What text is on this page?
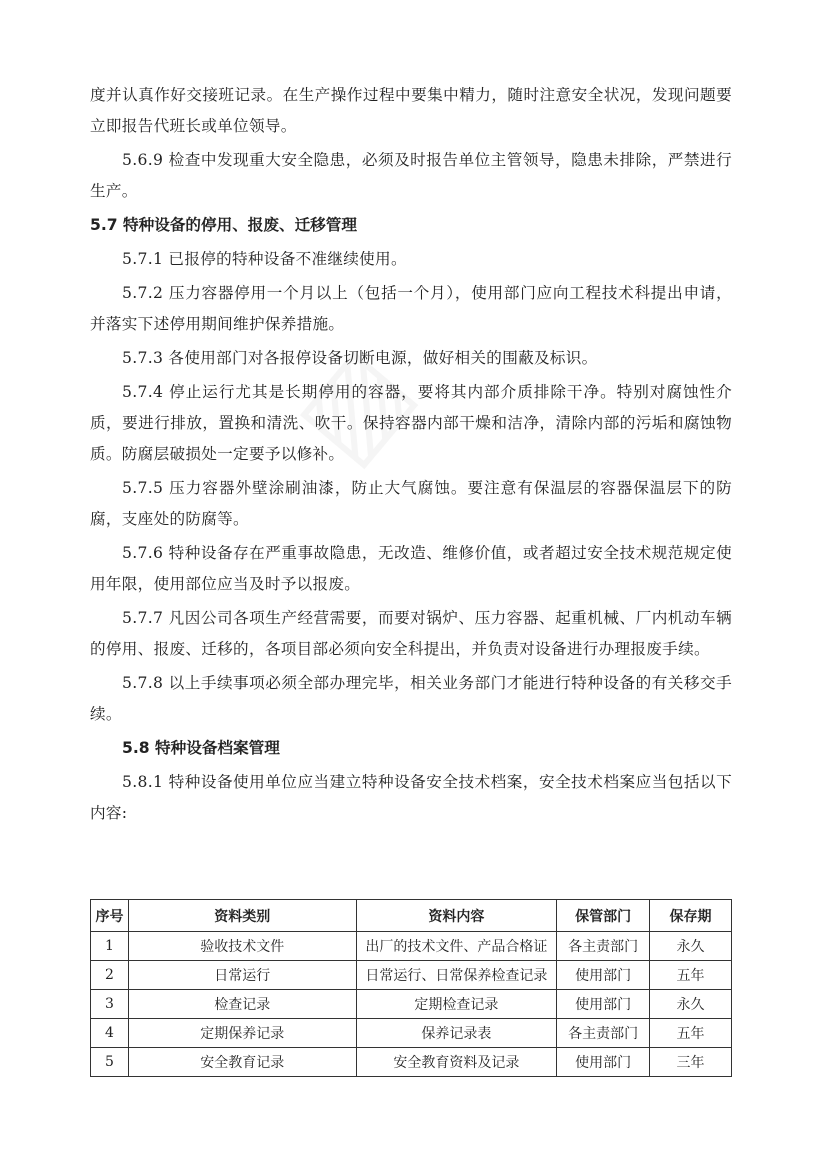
度并认真作好交接班记录。在生产操作过程中要集中精力，随时注意安全状况，发现问题要立即报告代班长或单位领导。

5.6.9 检查中发现重大安全隐患，必须及时报告单位主管领导，隐患未排除，严禁进行生产。

5.7 特种设备的停用、报废、迁移管理

5.7.1 已报停的特种设备不准继续使用。

5.7.2 压力容器停用一个月以上（包括一个月），使用部门应向工程技术科提出申请，并落实下述停用期间维护保养措施。

5.7.3 各使用部门对各报停设备切断电源，做好相关的围蔽及标识。

5.7.4 停止运行尤其是长期停用的容器，要将其内部介质排除干净。特别对腐蚀性介质，要进行排放，置换和清洗、吹干。保持容器内部干燥和洁净，清除内部的污垢和腐蚀物质。防腐层破损处一定要予以修补。

5.7.5 压力容器外壁涂刷油漆，防止大气腐蚀。要注意有保温层的容器保温层下的防腐，支座处的防腐等。

5.7.6 特种设备存在严重事故隐患，无改造、维修价值，或者超过安全技术规范规定使用年限，使用部位应当及时予以报废。

5.7.7 凡因公司各项生产经营需要，而要对锅炉、压力容器、起重机械、厂内机动车辆的停用、报废、迁移的，各项目部必须向安全科提出，并负责对设备进行办理报废手续。

5.7.8 以上手续事项必须全部办理完毕，相关业务部门才能进行特种设备的有关移交手续。

5.8 特种设备档案管理

5.8.1 特种设备使用单位应当建立特种设备安全技术档案，安全技术档案应当包括以下内容:

序号	资料类别	资料内容	保管部门	保存期
1	验收技术文件	出厂的技术文件、产品合格证	各主责部门	永久
2	日常运行	日常运行、日常保养检查记录	使用部门	五年
3	检查记录	定期检查记录	使用部门	永久
4	定期保养记录	保养记录表	各主责部门	五年
5	安全教育记录	安全教育资料及记录	使用部门	三年
